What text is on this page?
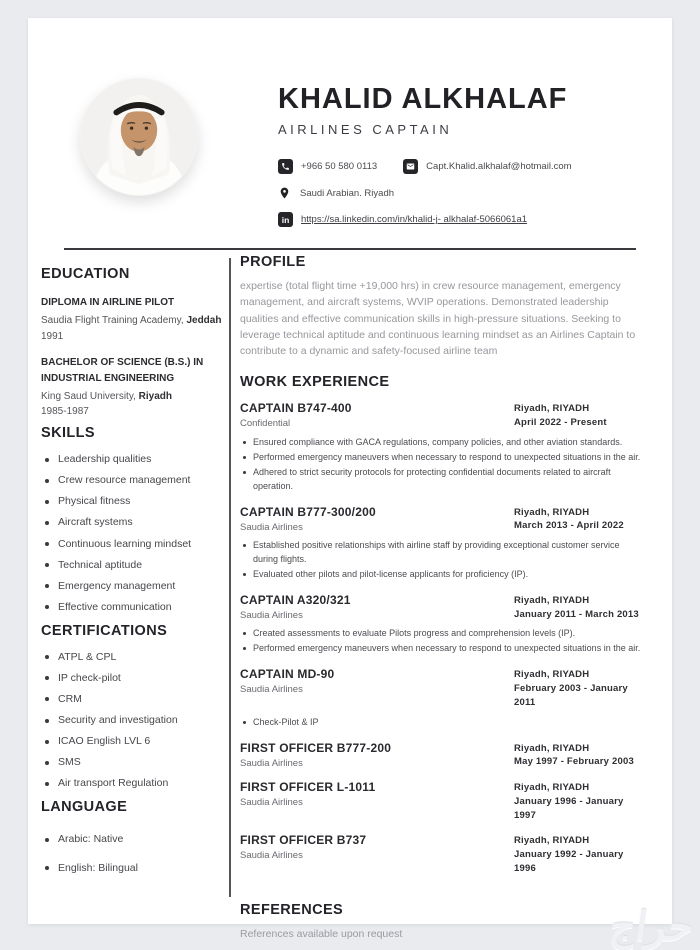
KHALID ALKHALAF
AIRLINES CAPTAIN
+966 50 580 0113	Capt.Khalid.alkhalaf@hotmail.com
Saudi Arabian. Riyadh
in https://sa.linkedin.com/in/khalid-j- alkhalaf-5066061a1
EDUCATION
DIPLOMA IN AIRLINE PILOT
Saudia Flight Training Academy, Jeddah
1991
BACHELOR OF SCIENCE (B.S.) IN INDUSTRIAL ENGINEERING
King Saud University, Riyadh
1985-1987
SKILLS
Leadership qualities
Crew resource management
Physical fitness
Aircraft systems
Continuous learning mindset
Technical aptitude
Emergency management
Effective communication
CERTIFICATIONS
ATPL & CPL
IP check-pilot
CRM
Security and investigation
ICAO English LVL 6
SMS
Air transport Regulation
LANGUAGE
Arabic: Native
English: Bilingual
PROFILE

expertise (total flight time +19,000 hrs) in crew resource management, emergency management, and aircraft systems, WVIP operations. Demonstrated leadership qualities and effective communication skills in high-pressure situations. Seeking to leverage technical aptitude and continuous learning mindset as an Airlines Captain to contribute to a dynamic and safety-focused airline team

WORK EXPERIENCE
CAPTAIN B747-400
Confidential
Riyadh, RIYADH
April 2022 - Present
Ensured compliance with GACA regulations, company policies, and other aviation standards.
Performed emergency maneuvers when necessary to respond to unexpected situations in the air.
Adhered to strict security protocols for protecting confidential documents related to aircraft operation.
CAPTAIN B777-300/200
Saudia Airlines
Riyadh, RIYADH
March 2013 - April 2022
Established positive relationships with airline staff by providing exceptional customer service during flights.
Evaluated other pilots and pilot-license applicants for proficiency (IP).
CAPTAIN A320/321
Saudia Airlines
Riyadh, RIYADH
January 2011 - March 2013
Created assessments to evaluate Pilots progress and comprehension levels (IP).
Performed emergency maneuvers when necessary to respond to unexpected situations in the air.
CAPTAIN MD-90
Saudia Airlines
Riyadh, RIYADH
February 2003 - January 2011
Check-Pilot & IP
FIRST OFFICER B777-200
Saudia Airlines
Riyadh, RIYADH
May 1997 - February 2003
FIRST OFFICER L-1011
Saudia Airlines
Riyadh, RIYADH
January 1996 - January 1997
FIRST OFFICER B737
Saudia Airlines
Riyadh, RIYADH
January 1992 - January 1996
REFERENCES

References available upon request	حراج
